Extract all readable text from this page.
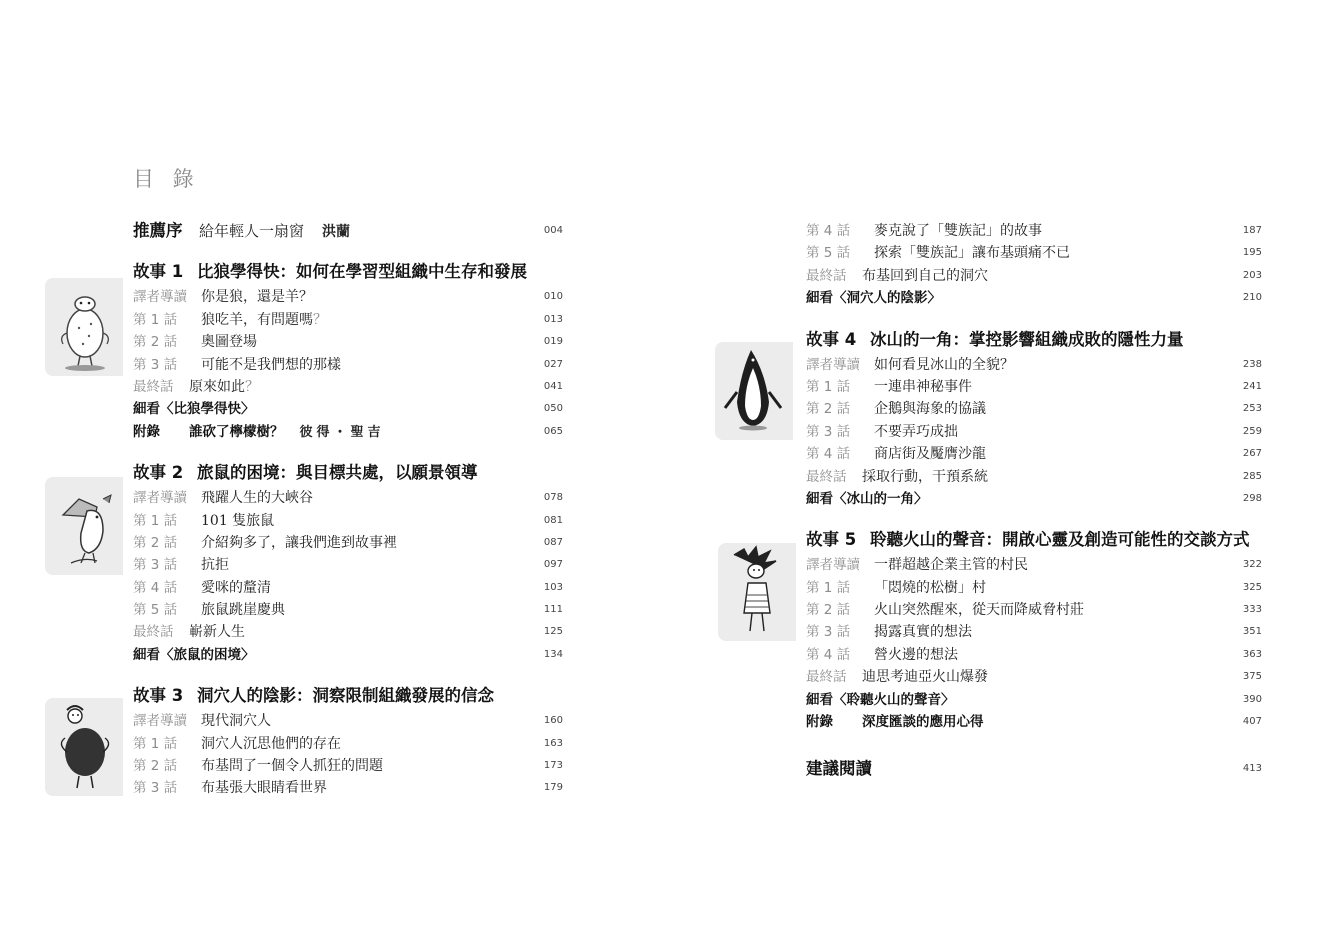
目 錄
推薦序 給年輕人一扇窗 洪蘭	004
故事 1 比狼學得快：如何在學習型組織中生存和發展
譯者導讀 你是狼，還是羊？	010
第 1 話 狼吃羊，有問題嗎？	013
第 2 話 奧圖登場	019
第 3 話 可能不是我們想的那樣	027
最終話 原來如此？	041
細看〈比狼學得快〉	050
附錄 誰砍了檸檬樹？ 彼得・聖吉	065
故事 2 旅鼠的困境：與目標共處，以願景領導
譯者導讀 飛躍人生的大峽谷	078
第 1 話 101 隻旅鼠	081
第 2 話 介紹夠多了，讓我們進到故事裡	087
第 3 話 抗拒	097
第 4 話 愛咪的釐清	103
第 5 話 旅鼠跳崖慶典	111
最終話 嶄新人生	125
細看〈旅鼠的困境〉	134
故事 3 洞穴人的陰影：洞察限制組織發展的信念
譯者導讀 現代洞穴人	160
第 1 話 洞穴人沉思他們的存在	163
第 2 話 布基問了一個令人抓狂的問題	173
第 3 話 布基張大眼睛看世界	179
第 4 話 麥克說了「雙族記」的故事	187
第 5 話 探索「雙族記」讓布基頭痛不已	195
最終話 布基回到自己的洞穴	203
細看〈洞穴人的陰影〉	210
故事 4 冰山的一角：掌控影響組織成敗的隱性力量
譯者導讀 如何看見冰山的全貌？	238
第 1 話 一連串神秘事件	241
第 2 話 企鵝與海象的協議	253
第 3 話 不要弄巧成拙	259
第 4 話 商店街及魘膺沙龍	267
最終話 採取行動，干預系統	285
細看〈冰山的一角〉	298
故事 5 聆聽火山的聲音：開啟心靈及創造可能性的交談方式
譯者導讀 一群超越企業主管的村民	322
第 1 話 「悶燒的松樹」村	325
第 2 話 火山突然醒來，從天而降威脅村莊	333
第 3 話 揭露真實的想法	351
第 4 話 營火邊的想法	363
最終話 迪思考迪亞火山爆發	375
細看〈聆聽火山的聲音〉	390
附錄 深度匯談的應用心得	407
建議閱讀	413
